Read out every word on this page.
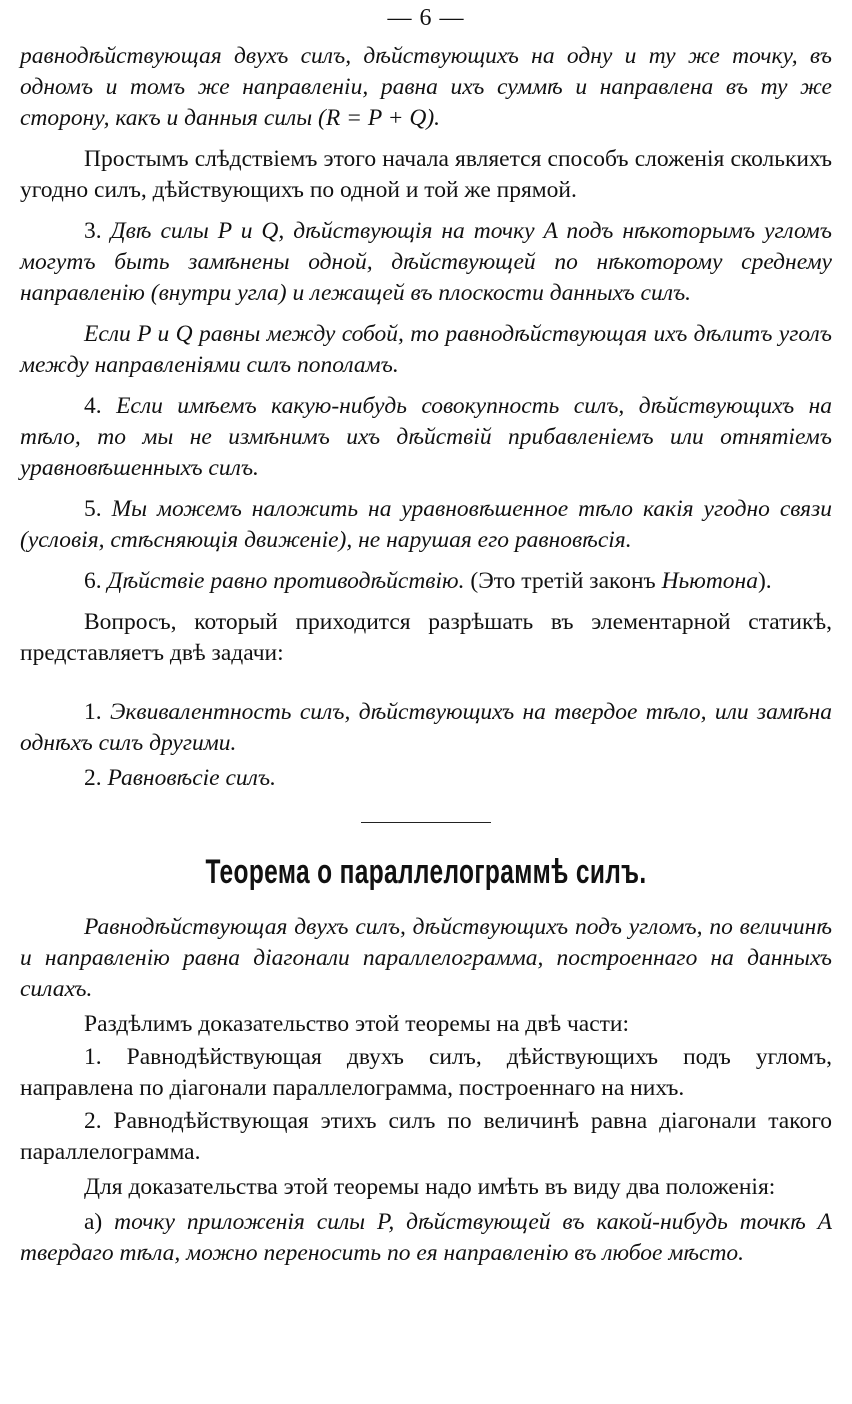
— 6 —

равнодѣйствующая двухъ силъ, дѣйствующихъ на одну и ту же точку, въ одномъ и томъ же направленіи, равна ихъ суммѣ и направлена въ ту же сторону, какъ и данныя силы (R = P + Q).

Простымъ слѣдствіемъ этого начала является способъ сложенія сколькихъ угодно силъ, дѣйствующихъ по одной и той же прямой.

3. Двѣ силы P и Q, дѣйствующія на точку A подъ нѣкоторымъ угломъ могутъ быть замѣнены одной, дѣйствующей по нѣкоторому среднему направленію (внутри угла) и лежащей въ плоскости данныхъ силъ.

Если P и Q равны между собой, то равнодѣйствующая ихъ дѣлитъ уголъ между направленіями силъ пополамъ.

4. Если имѣемъ какую-нибудь совокупность силъ, дѣйствующихъ на тѣло, то мы не измѣнимъ ихъ дѣйствій прибавленіемъ или отнятіемъ уравновѣшенныхъ силъ.

5. Мы можемъ наложить на уравновѣшенное тѣло какія угодно связи (условія, стѣсняющія движеніе), не нарушая его равновѣсія.

6. Дѣйствіе равно противодѣйствію. (Это третій законъ Ньютона).

Вопросъ, который приходится разрѣшать въ элементарной статикѣ, представляетъ двѣ задачи:

1. Эквивалентность силъ, дѣйствующихъ на твердое тѣло, или замѣна однѣхъ силъ другими.

2. Равновѣсіе силъ.

Теорема о параллелограммѣ силъ.

Равнодѣйствующая двухъ силъ, дѣйствующихъ подъ угломъ, по величинѣ и направленію равна діагонали параллелограмма, построеннаго на данныхъ силахъ.

Раздѣлимъ доказательство этой теоремы на двѣ части:

1. Равнодѣйствующая двухъ силъ, дѣйствующихъ подъ угломъ, направлена по діагонали параллелограмма, построеннаго на нихъ.

2. Равнодѣйствующая этихъ силъ по величинѣ равна діагонали такого параллелограмма.

Для доказательства этой теоремы надо имѣть въ виду два положенія:

а) точку приложенія силы P, дѣйствующей въ какой-нибудь точкѣ A твердаго тѣла, можно переносить по ея направленію въ любое мѣсто.
